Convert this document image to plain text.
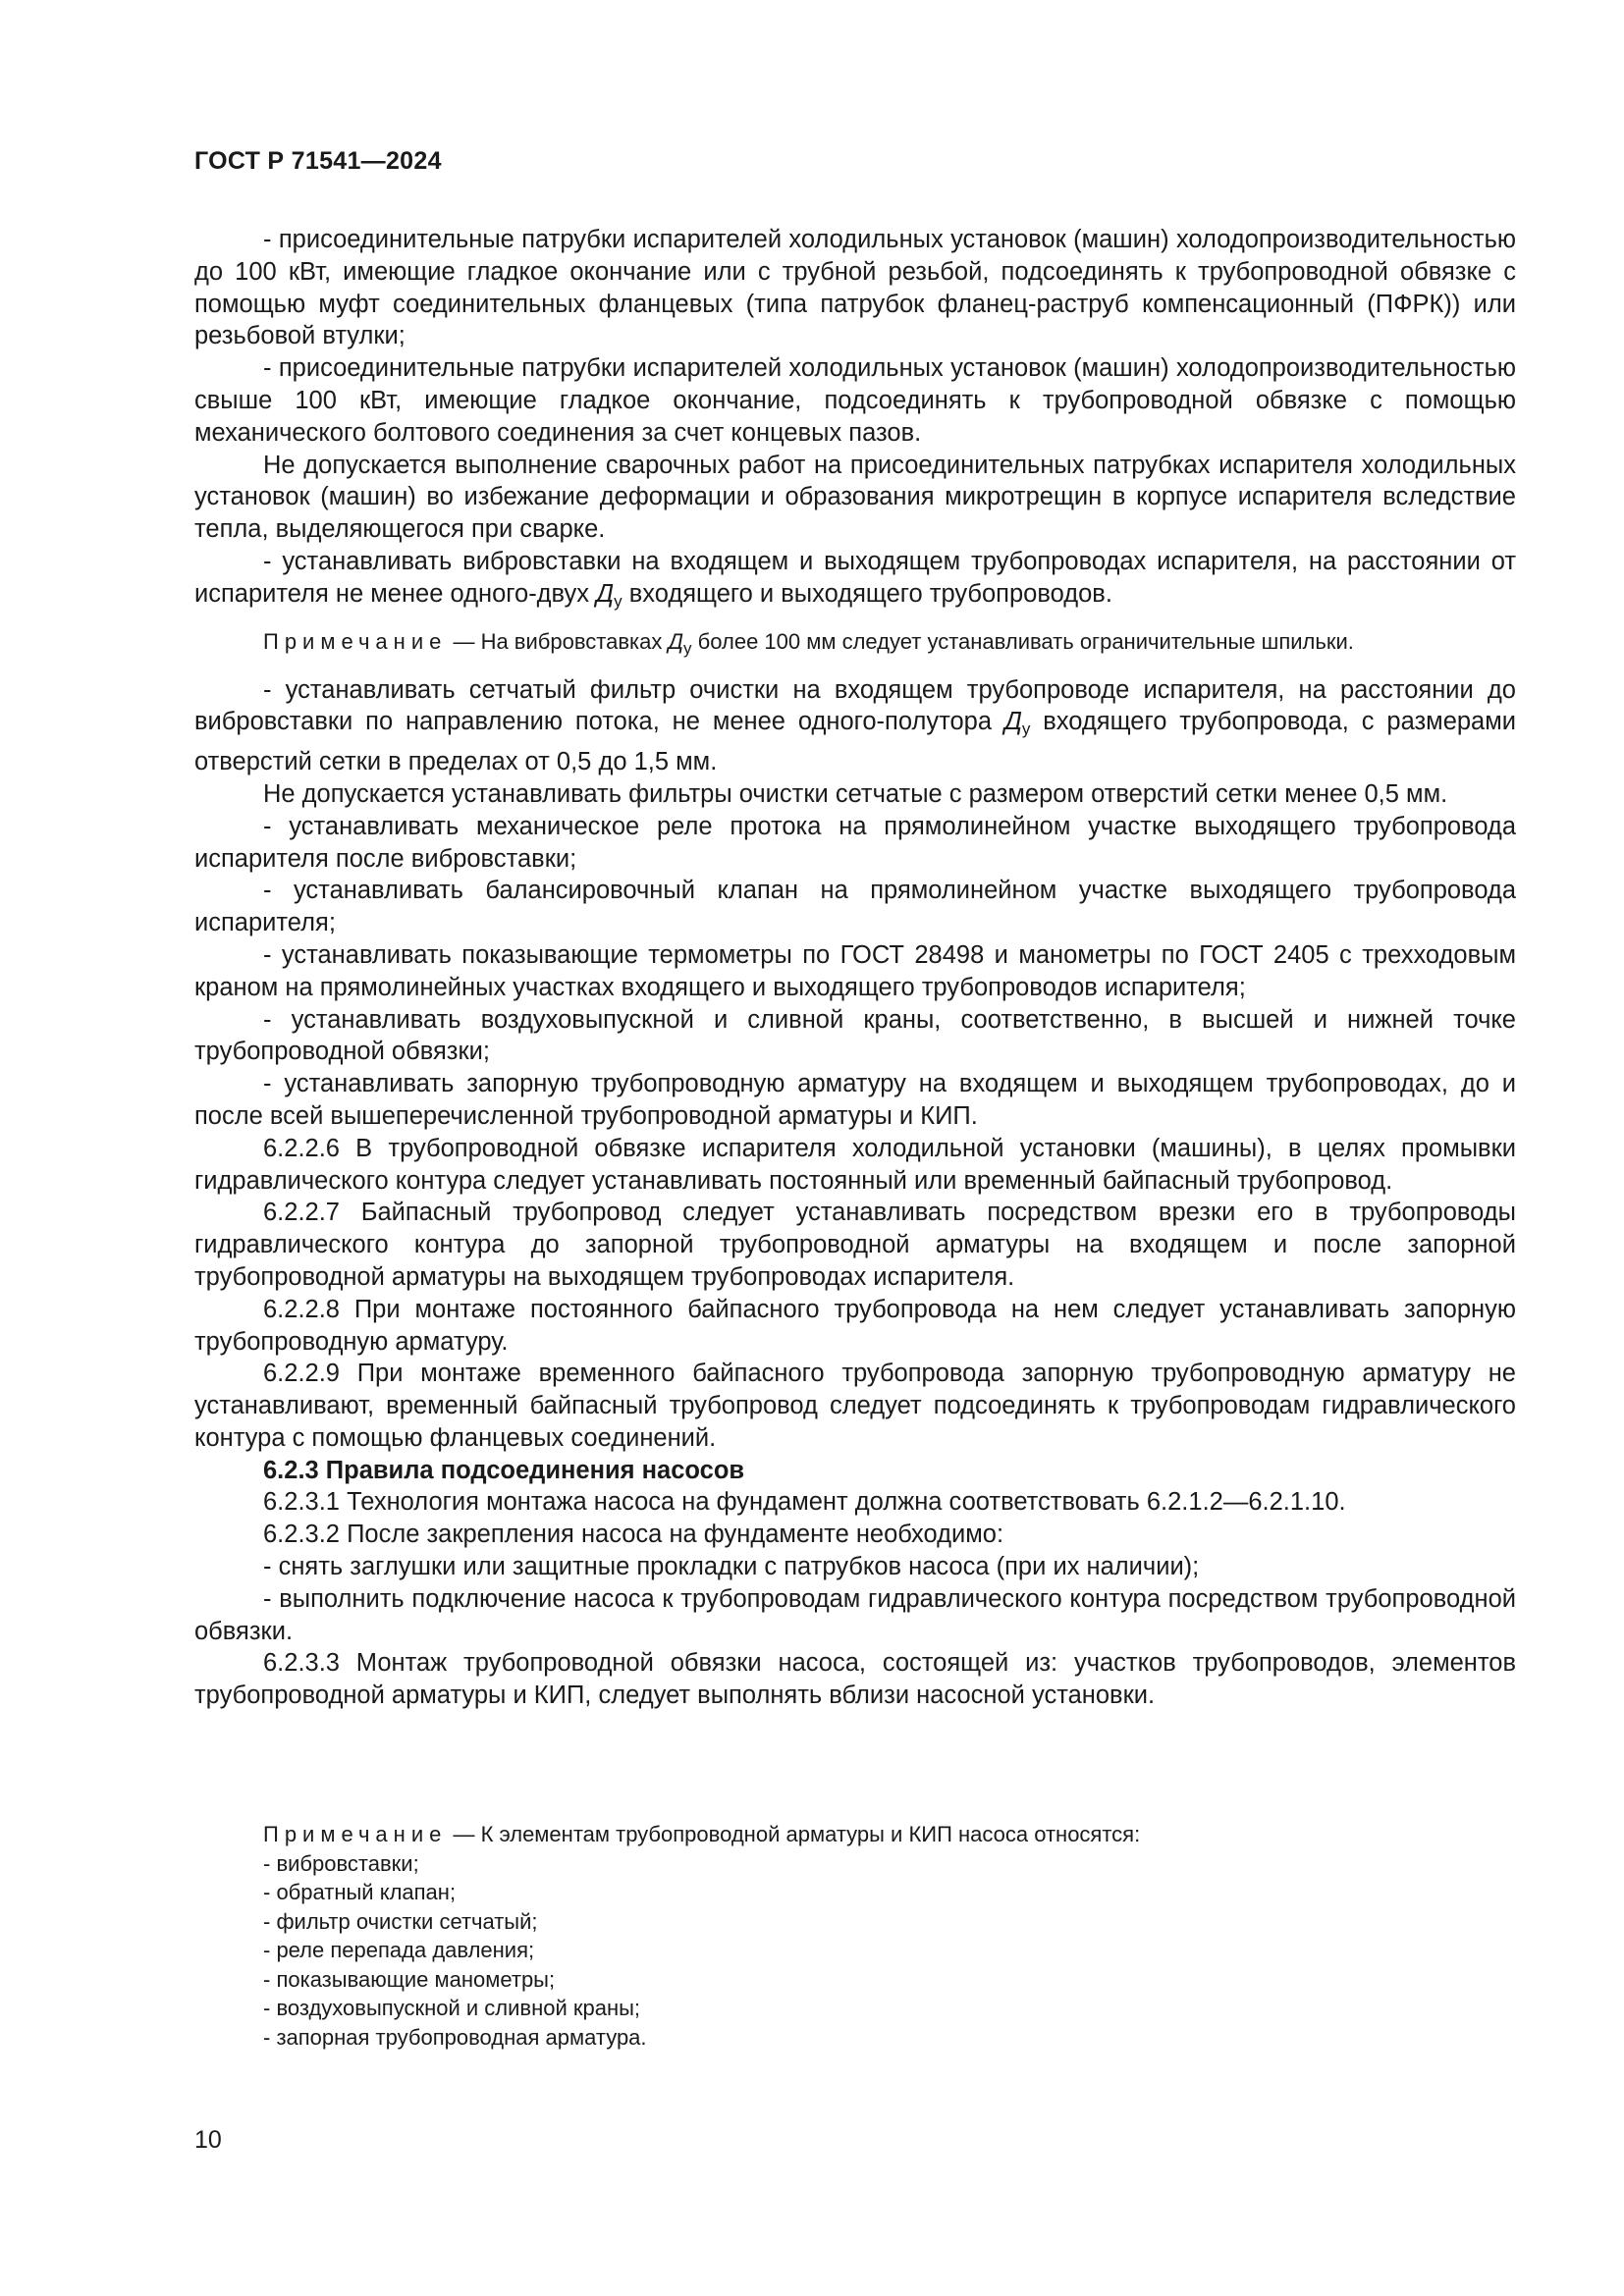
ГОСТ Р 71541—2024

- присоединительные патрубки испарителей холодильных установок (машин) холодопроизводительностью до 100 кВт, имеющие гладкое окончание или с трубной резьбой, подсоединять к трубопроводной обвязке с помощью муфт соединительных фланцевых (типа патрубок фланец-раструб компенсационный (ПФРК)) или резьбовой втулки;

- присоединительные патрубки испарителей холодильных установок (машин) холодопроизводительностью свыше 100 кВт, имеющие гладкое окончание, подсоединять к трубопроводной обвязке с помощью механического болтового соединения за счет концевых пазов.

Не допускается выполнение сварочных работ на присоединительных патрубках испарителя холодильных установок (машин) во избежание деформации и образования микротрещин в корпусе испарителя вследствие тепла, выделяющегося при сварке.

- устанавливать вибровставки на входящем и выходящем трубопроводах испарителя, на расстоянии от испарителя не менее одного-двух $Д_у$ входящего и выходящего трубопроводов.

Примечание — На вибровставках $Д_у$ более 100 мм следует устанавливать ограничительные шпильки.

- устанавливать сетчатый фильтр очистки на входящем трубопроводе испарителя, на расстоянии до вибровставки по направлению потока, не менее одного-полутора $Д_у$ входящего трубопровода, с размерами отверстий сетки в пределах от 0,5 до 1,5 мм.

Не допускается устанавливать фильтры очистки сетчатые с размером отверстий сетки менее 0,5 мм.

- устанавливать механическое реле протока на прямолинейном участке выходящего трубопровода испарителя после вибровставки;

- устанавливать балансировочный клапан на прямолинейном участке выходящего трубопровода испарителя;

- устанавливать показывающие термометры по ГОСТ 28498 и манометры по ГОСТ 2405 с трехходовым краном на прямолинейных участках входящего и выходящего трубопроводов испарителя;

- устанавливать воздуховыпускной и сливной краны, соответственно, в высшей и нижней точке трубопроводной обвязки;

- устанавливать запорную трубопроводную арматуру на входящем и выходящем трубопроводах, до и после всей вышеперечисленной трубопроводной арматуры и КИП.

6.2.2.6 В трубопроводной обвязке испарителя холодильной установки (машины), в целях промывки гидравлического контура следует устанавливать постоянный или временный байпасный трубопровод.

6.2.2.7 Байпасный трубопровод следует устанавливать посредством врезки его в трубопроводы гидравлического контура до запорной трубопроводной арматуры на входящем и после запорной трубопроводной арматуры на выходящем трубопроводах испарителя.

6.2.2.8 При монтаже постоянного байпасного трубопровода на нем следует устанавливать запорную трубопроводную арматуру.

6.2.2.9 При монтаже временного байпасного трубопровода запорную трубопроводную арматуру не устанавливают, временный байпасный трубопровод следует подсоединять к трубопроводам гидравлического контура с помощью фланцевых соединений.

6.2.3 Правила подсоединения насосов

6.2.3.1 Технология монтажа насоса на фундамент должна соответствовать 6.2.1.2—6.2.1.10.

6.2.3.2 После закрепления насоса на фундаменте необходимо:

- снять заглушки или защитные прокладки с патрубков насоса (при их наличии);

- выполнить подключение насоса к трубопроводам гидравлического контура посредством трубопроводной обвязки.

6.2.3.3 Монтаж трубопроводной обвязки насоса, состоящей из: участков трубопроводов, элементов трубопроводной арматуры и КИП, следует выполнять вблизи насосной установки.

Примечание — К элементам трубопроводной арматуры и КИП насоса относятся:

- вибровставки;

- обратный клапан;

- фильтр очистки сетчатый;

- реле перепада давления;

- показывающие манометры;

- воздуховыпускной и сливной краны;

- запорная трубопроводная арматура.

10
